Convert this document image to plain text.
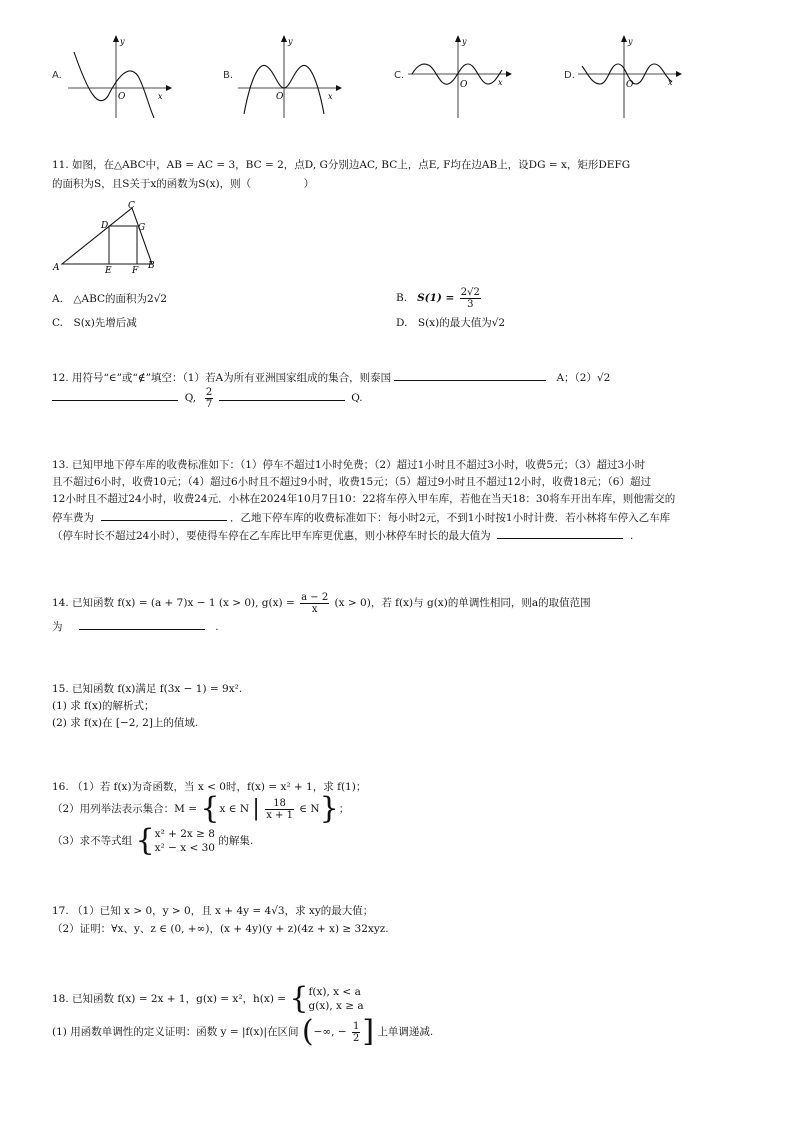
A.
y
O	x
B.
y
O	x
C.
y
O	x
D.
y
O	x
11. 如图，在△ABC中，AB = AC = 3，BC = 2，点D, G分别边AC, BC上，点E, F均在边AB上，设DG = x，矩形DEFG
的面积为S，且S关于x的函数为S(x)，则（　　　　　）
A	B
C
D	G
E F
A.　△ABC的面积为2√2	B. $S(1) = \frac{2√2}{3}$
C.　S(x)先增后减	D.　S(x)的最大值为√2
12. 用符号“∈”或“∉”填空：（1）若A为所有亚洲国家组成的集合，则泰国	A；（2）√2
Q, $\frac{2}{7}$	Q.
13. 已知甲地下停车库的收费标准如下：（1）停车不超过1小时免费；（2）超过1小时且不超过3小时，收费5元；（3）超过3小时
且不超过6小时，收费10元；（4）超过6小时且不超过9小时，收费15元；（5）超过9小时且不超过12小时，收费18元；（6）超过
12小时且不超过24小时，收费24元．小林在2024年10月7日10：22将车停入甲车库，若他在当天18：30将车开出车库，则他需交的
停车费为	．乙地下停车库的收费标准如下：每小时2元，不到1小时按1小时计费．若小林将车停入乙车库
（停车时长不超过24小时），要使得车停在乙车库比甲车库更优惠，则小林停车时长的最大值为	.
14. 已知函数 f(x) = (a + 7)x − 1 (x > 0), $g(x) = \frac{a - 2}{x} (x > 0)$，若 f(x)与 g(x)的单调性相同，则a的取值范围
为	.
15. 已知函数 f(x)满足 f(3x − 1) = 9x².
(1) 求 f(x)的解析式；
(2) 求 f(x)在 [−2, 2]上的值域.
16. （1）若 f(x)为奇函数，当 x < 0时，f(x) = x² + 1，求 f(1)；
（2）用列举法表示集合：M = {x ∈ N | $\frac{18}{x + 1}$ ∈ N}；
（3）求不等式组 {x² + 2x ≥ 8
x² − x < 30 的解集.
17. （1）已知 x > 0，y > 0，且 x + 4y = 4√3，求 xy的最大值；
（2）证明：∀x、y、z ∈ (0, +∞)，(x + 4y)(y + z)(4z + x) ≥ 32xyz.
18. 已知函数 f(x) = 2x + 1，g(x) = x²，h(x) = {f(x), x < a
g(x), x ≥ a
(1) 用函数单调性的定义证明：函数 y = |f(x)|在区间 (−∞, − $\frac{1}{2}$ ] 上单调递减.
